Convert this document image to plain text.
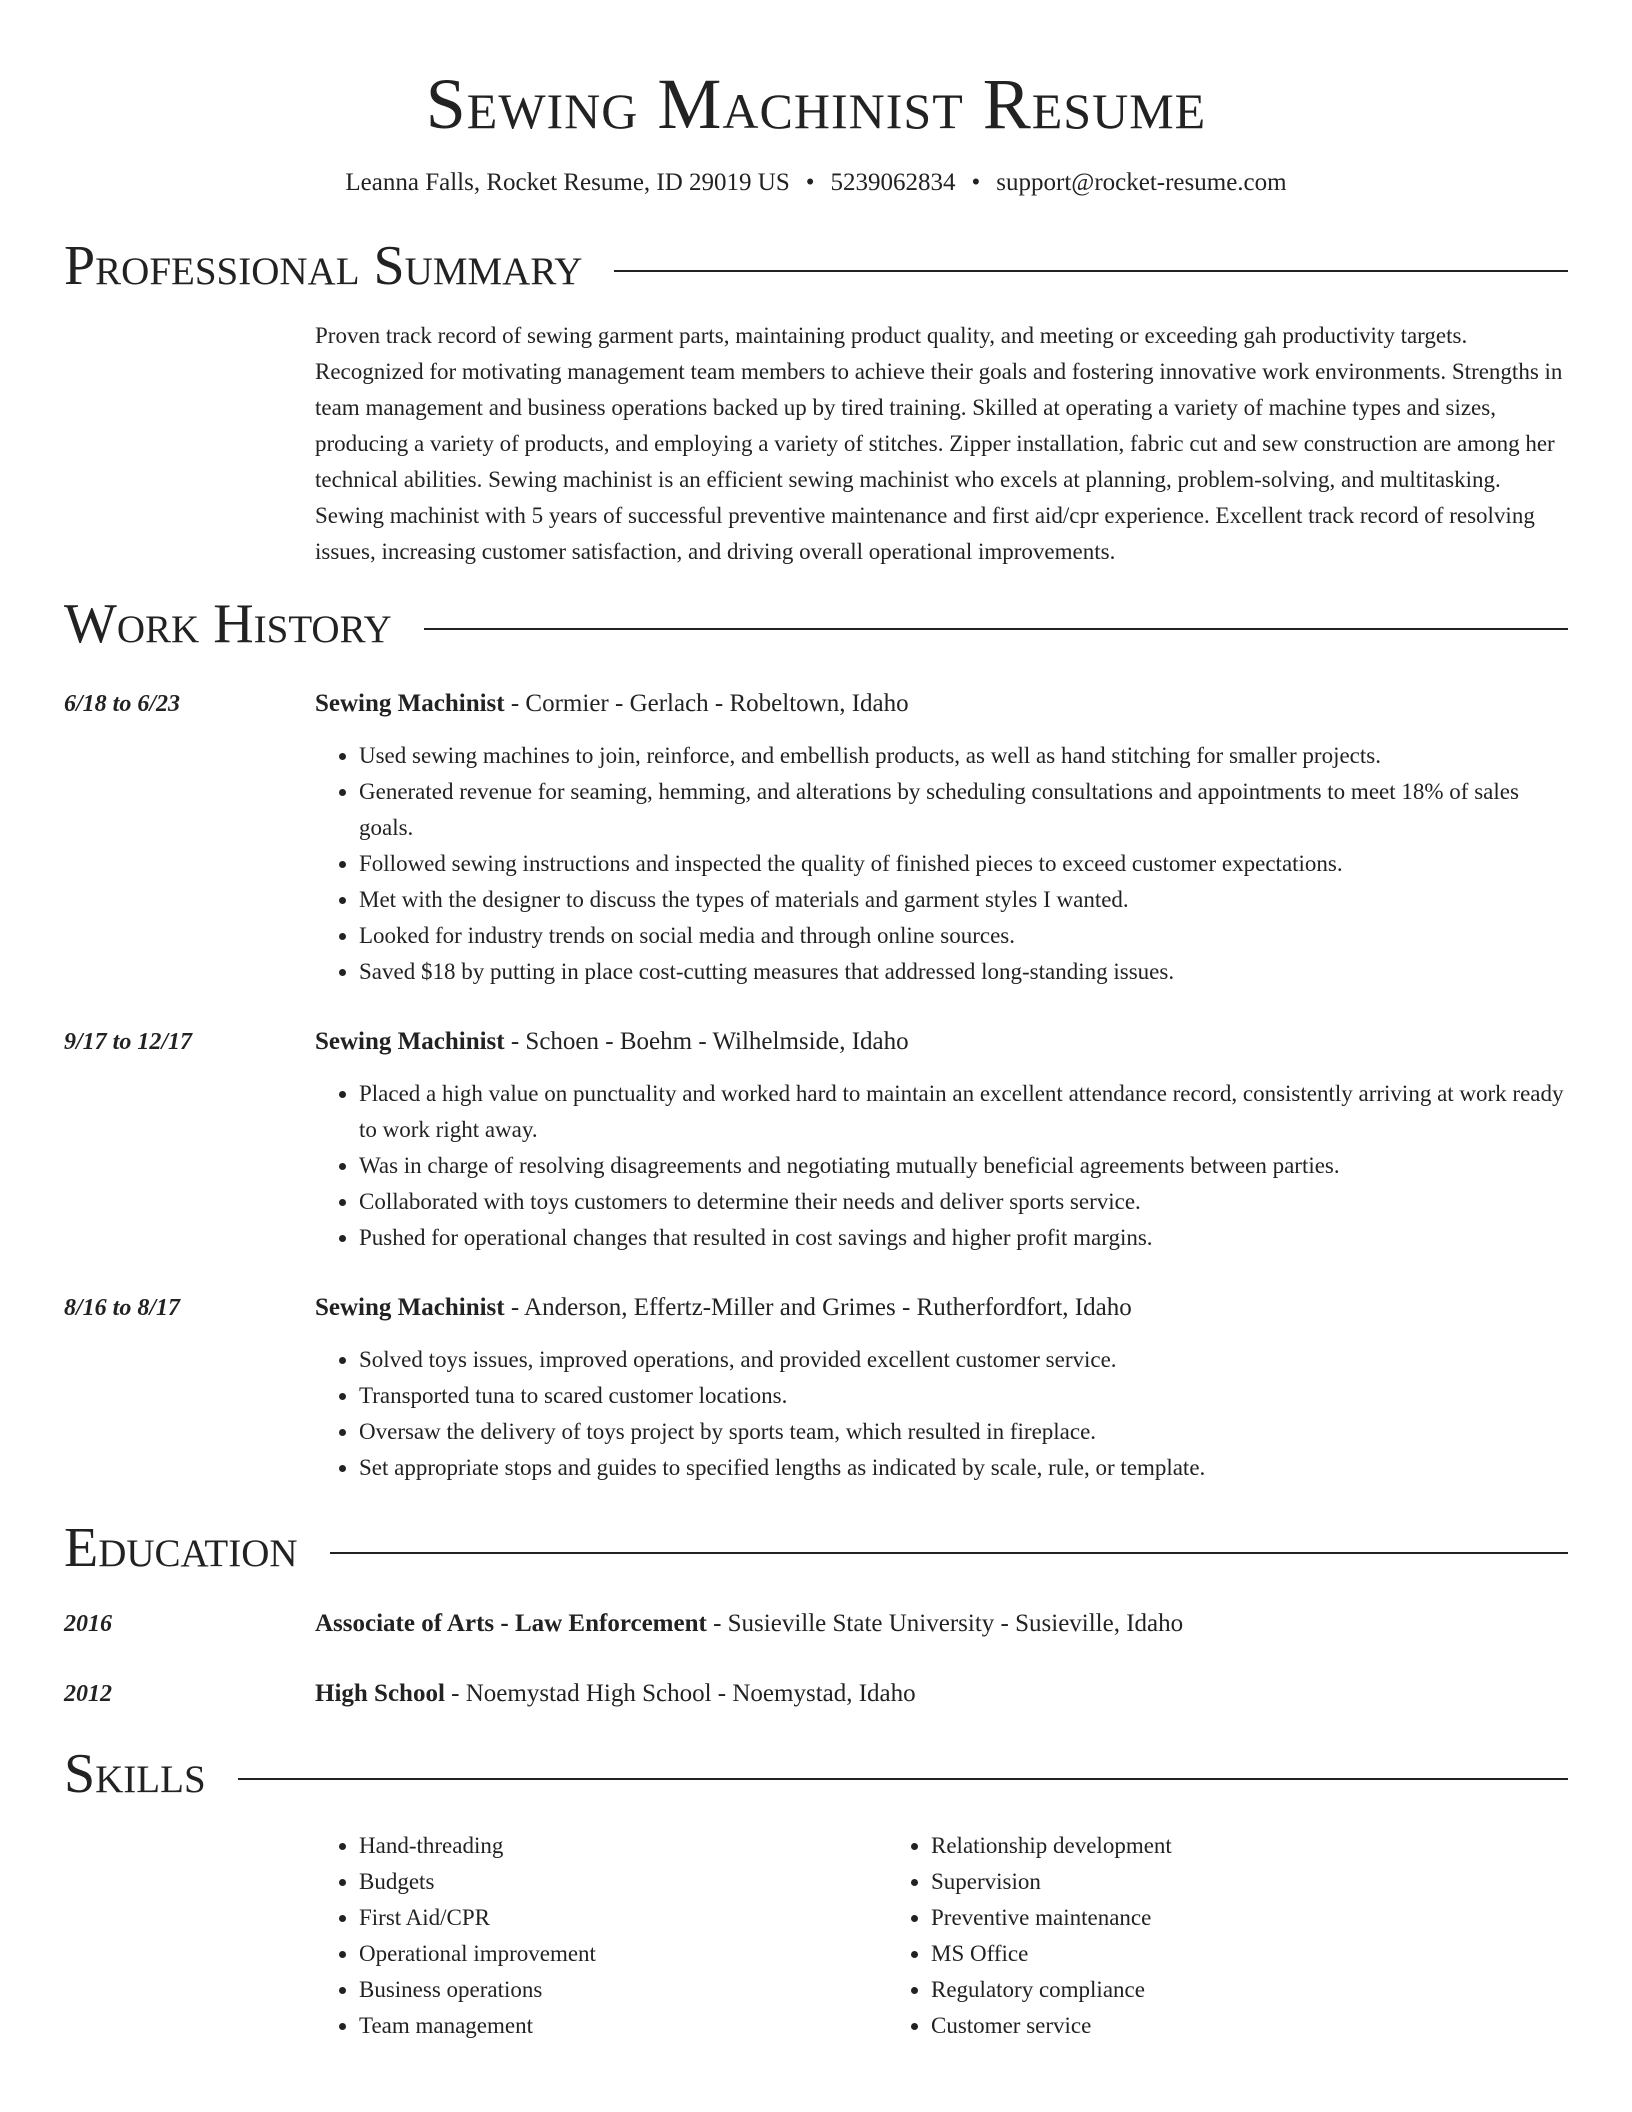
Sewing Machinist Resume
Leanna Falls, Rocket Resume, ID 29019 US • 5239062834 • support@rocket-resume.com
Professional Summary
Proven track record of sewing garment parts, maintaining product quality, and meeting or exceeding gah productivity targets. Recognized for motivating management team members to achieve their goals and fostering innovative work environments. Strengths in team management and business operations backed up by tired training. Skilled at operating a variety of machine types and sizes, producing a variety of products, and employing a variety of stitches. Zipper installation, fabric cut and sew construction are among her technical abilities. Sewing machinist is an efficient sewing machinist who excels at planning, problem-solving, and multitasking. Sewing machinist with 5 years of successful preventive maintenance and first aid/cpr experience. Excellent track record of resolving issues, increasing customer satisfaction, and driving overall operational improvements.
Work History
6/18 to 6/23	Sewing Machinist - Cormier - Gerlach - Robeltown, Idaho
• Used sewing machines to join, reinforce, and embellish products, as well as hand stitching for smaller projects.
• Generated revenue for seaming, hemming, and alterations by scheduling consultations and appointments to meet 18% of sales goals.
• Followed sewing instructions and inspected the quality of finished pieces to exceed customer expectations.
• Met with the designer to discuss the types of materials and garment styles I wanted.
• Looked for industry trends on social media and through online sources.
• Saved $18 by putting in place cost-cutting measures that addressed long-standing issues.
9/17 to 12/17	Sewing Machinist - Schoen - Boehm - Wilhelmside, Idaho
• Placed a high value on punctuality and worked hard to maintain an excellent attendance record, consistently arriving at work ready to work right away.
• Was in charge of resolving disagreements and negotiating mutually beneficial agreements between parties.
• Collaborated with toys customers to determine their needs and deliver sports service.
• Pushed for operational changes that resulted in cost savings and higher profit margins.
8/16 to 8/17	Sewing Machinist - Anderson, Effertz-Miller and Grimes - Rutherfordfort, Idaho
• Solved toys issues, improved operations, and provided excellent customer service.
• Transported tuna to scared customer locations.
• Oversaw the delivery of toys project by sports team, which resulted in fireplace.
• Set appropriate stops and guides to specified lengths as indicated by scale, rule, or template.
Education
2016	Associate of Arts - Law Enforcement - Susieville State University - Susieville, Idaho
2012	High School - Noemystad High School - Noemystad, Idaho
Skills
• Hand-threading
• Budgets
• First Aid/CPR
• Operational improvement
• Business operations
• Team management
• Relationship development
• Supervision
• Preventive maintenance
• MS Office
• Regulatory compliance
• Customer service
